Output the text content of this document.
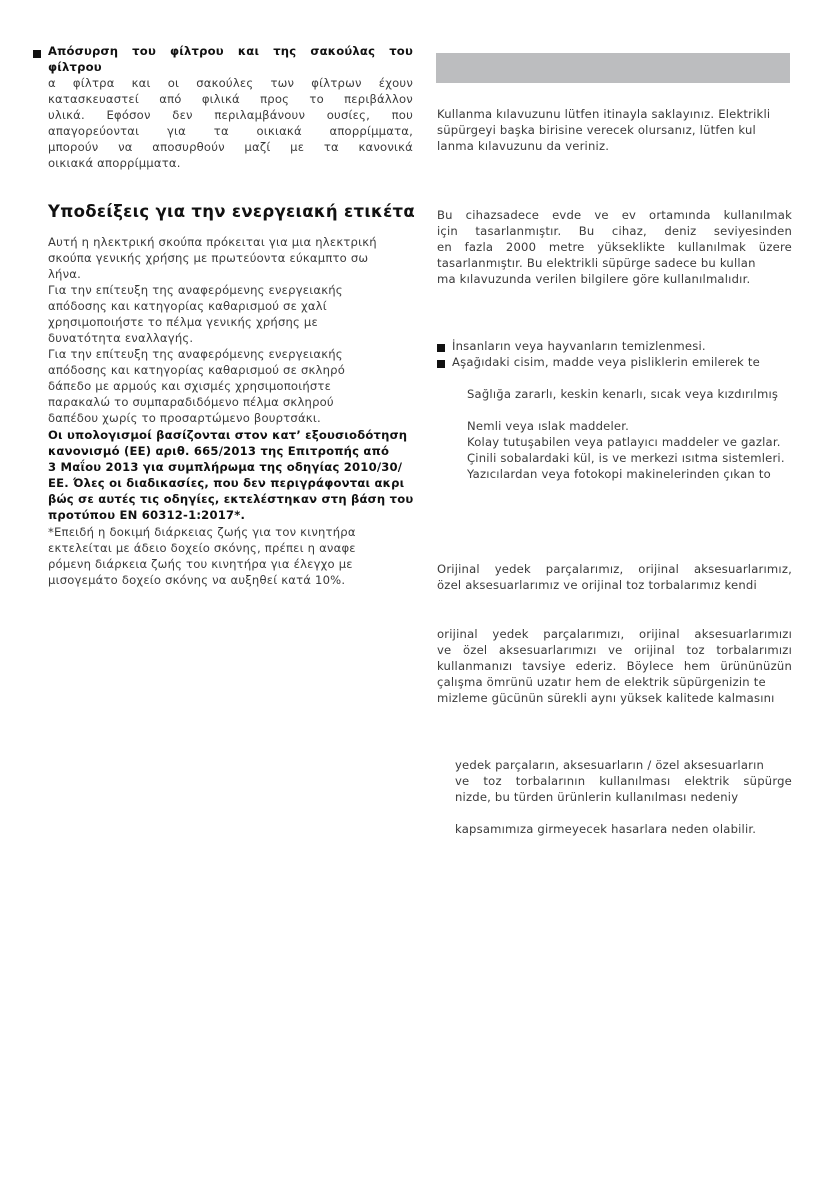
Απόσυρση του φίλτρου και της σακούλας του
φίλτρου
α φίλτρα και οι σακούλες των φίλτρων έχουν
κατασκευαστεί από φιλικά προς το περιβάλλον
υλικά. Εφόσον δεν περιλαμβάνουν ουσίες, που
απαγορεύονται για τα οικιακά απορρίμματα,
μπορούν να αποσυρθούν μαζί με τα κανονικά
οικιακά απορρίμματα.
Υποδείξεις για την ενεργειακή ετικέτα
Αυτή η ηλεκτρική σκούπα πρόκειται για μια ηλεκτρική
σκούπα γενικής χρήσης με πρωτεύοντα εύκαμπτο σω
λήνα.
Για την επίτευξη της αναφερόμενης ενεργειακής
απόδοσης και κατηγορίας καθαρισμού σε χαλί
χρησιμοποιήστε το πέλμα γενικής χρήσης με
δυνατότητα εναλλαγής.
Για την επίτευξη της αναφερόμενης ενεργειακής
απόδοσης και κατηγορίας καθαρισμού σε σκληρό
δάπεδο με αρμούς και σχισμές χρησιμοποιήστε
παρακαλώ το συμπαραδιδόμενο πέλμα σκληρού
δαπέδου χωρίς το προσαρτώμενο βουρτσάκι.
Οι υπολογισμοί βασίζονται στον κατ’ εξουσιοδότηση
κανονισμό (ΕΕ) αριθ. 665/2013 της Επιτροπής από
3 Μαΐου 2013 για συμπλήρωμα της οδηγίας 2010/30/
ΕΕ. Όλες οι διαδικασίες, που δεν περιγράφονται ακρι
βώς σε αυτές τις οδηγίες, εκτελέστηκαν στη βάση του
προτύπου EN 60312-1:2017*.
*Επειδή η δοκιμή διάρκειας ζωής για τον κινητήρα
εκτελείται με άδειο δοχείο σκόνης, πρέπει η αναφε
ρόμενη διάρκεια ζωής του κινητήρα για έλεγχο με
μισογεμάτο δοχείο σκόνης να αυξηθεί κατά 10%.
Kullanma kılavuzunu lütfen itinayla saklayınız. Elektrikli
süpürgeyi başka birisine verecek olursanız, lütfen kul
lanma kılavuzunu da veriniz.
Bu cihazsadece evde ve ev ortamında kullanılmak
için tasarlanmıştır. Bu cihaz, deniz seviyesinden
en fazla 2000 metre yükseklikte kullanılmak üzere
tasarlanmıştır. Bu elektrikli süpürge sadece bu kullan
ma kılavuzunda verilen bilgilere göre kullanılmalıdır.
İnsanların veya hayvanların temizlenmesi.
Aşağıdaki cisim, madde veya pisliklerin emilerek te
Sağlığa zararlı, keskin kenarlı, sıcak veya kızdırılmış
Nemli veya ıslak maddeler.
Kolay tutuşabilen veya patlayıcı maddeler ve gazlar.
Çinili sobalardaki kül, is ve merkezi ısıtma sistemleri.
Yazıcılardan veya fotokopi makinelerinden çıkan to
Orijinal yedek parçalarımız, orijinal aksesuarlarımız,
özel aksesuarlarımız ve orijinal toz torbalarımız kendi
orijinal yedek parçalarımızı, orijinal aksesuarlarımızı
ve özel aksesuarlarımızı ve orijinal toz torbalarımızı
kullanmanızı tavsiye ederiz. Böylece hem ürününüzün
çalışma ömrünü uzatır hem de elektrik süpürgenizin te
mizleme gücünün sürekli aynı yüksek kalitede kalmasını
yedek parçaların, aksesuarların / özel aksesuarların
ve toz torbalarının kullanılması elektrik süpürge
nizde, bu türden ürünlerin kullanılması nedeniy
kapsamımıza girmeyecek hasarlara neden olabilir.
